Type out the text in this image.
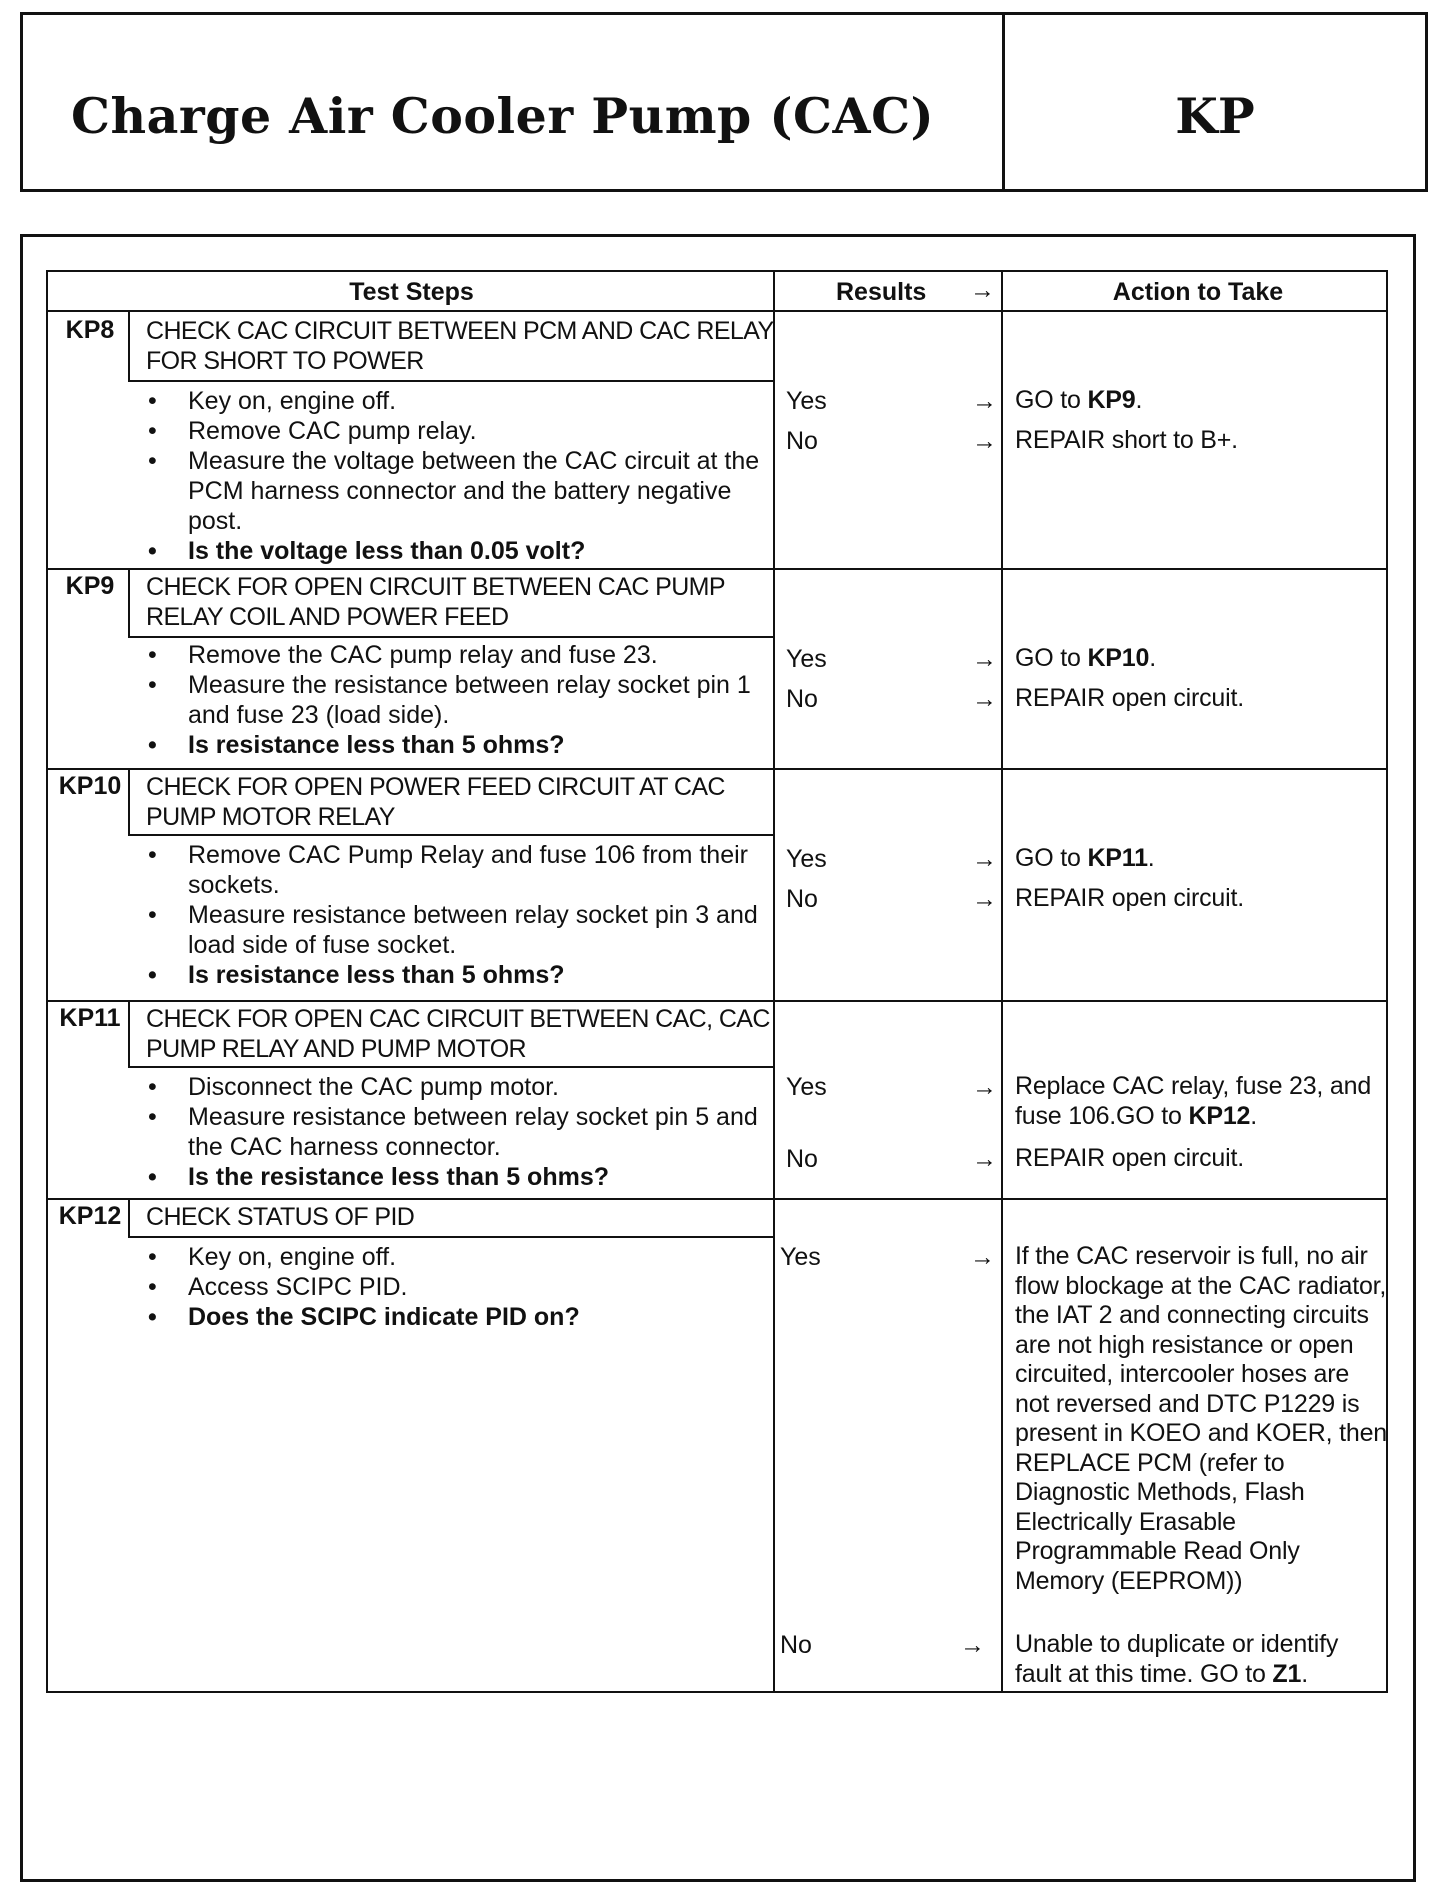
Charge Air Cooler Pump (CAC)	KP
Test Steps	Results →	Action to Take
KP8	CHECK CAC CIRCUIT BETWEEN PCM AND CAC RELAY FOR SHORT TO POWER
• Key on, engine off.
• Remove CAC pump relay.
• Measure the voltage between the CAC circuit at the PCM harness connector and the battery negative post.
• Is the voltage less than 0.05 volt?
Yes	→ GO to KP9.
No	→ REPAIR short to B+.
KP9	CHECK FOR OPEN CIRCUIT BETWEEN CAC PUMP RELAY COIL AND POWER FEED
• Remove the CAC pump relay and fuse 23.
• Measure the resistance between relay socket pin 1 and fuse 23 (load side).
• Is resistance less than 5 ohms?
Yes	→ GO to KP10.
No	→ REPAIR open circuit.
KP10 CHECK FOR OPEN POWER FEED CIRCUIT AT CAC PUMP MOTOR RELAY
• Remove CAC Pump Relay and fuse 106 from their sockets.
• Measure resistance between relay socket pin 3 and load side of fuse socket.
• Is resistance less than 5 ohms?
Yes	→ GO to KP11.
No	→ REPAIR open circuit.
KP11 CHECK FOR OPEN CAC CIRCUIT BETWEEN CAC, CAC PUMP RELAY AND PUMP MOTOR
• Disconnect the CAC pump motor.
• Measure resistance between relay socket pin 5 and the CAC harness connector.
• Is the resistance less than 5 ohms?
Yes	→ Replace CAC relay, fuse 23, and fuse 106.GO to KP12.
No	→ REPAIR open circuit.
KP12 CHECK STATUS OF PID
• Key on, engine off.
• Access SCIPC PID.
• Does the SCIPC indicate PID on?
Yes	→ If the CAC reservoir is full, no air flow blockage at the CAC radiator, the IAT 2 and connecting circuits are not high resistance or open circuited, intercooler hoses are not reversed and DTC P1229 is present in KOEO and KOER, then REPLACE PCM (refer to Diagnostic Methods, Flash Electrically Erasable Programmable Read Only Memory (EEPROM))
No	→ Unable to duplicate or identify fault at this time. GO to Z1.
